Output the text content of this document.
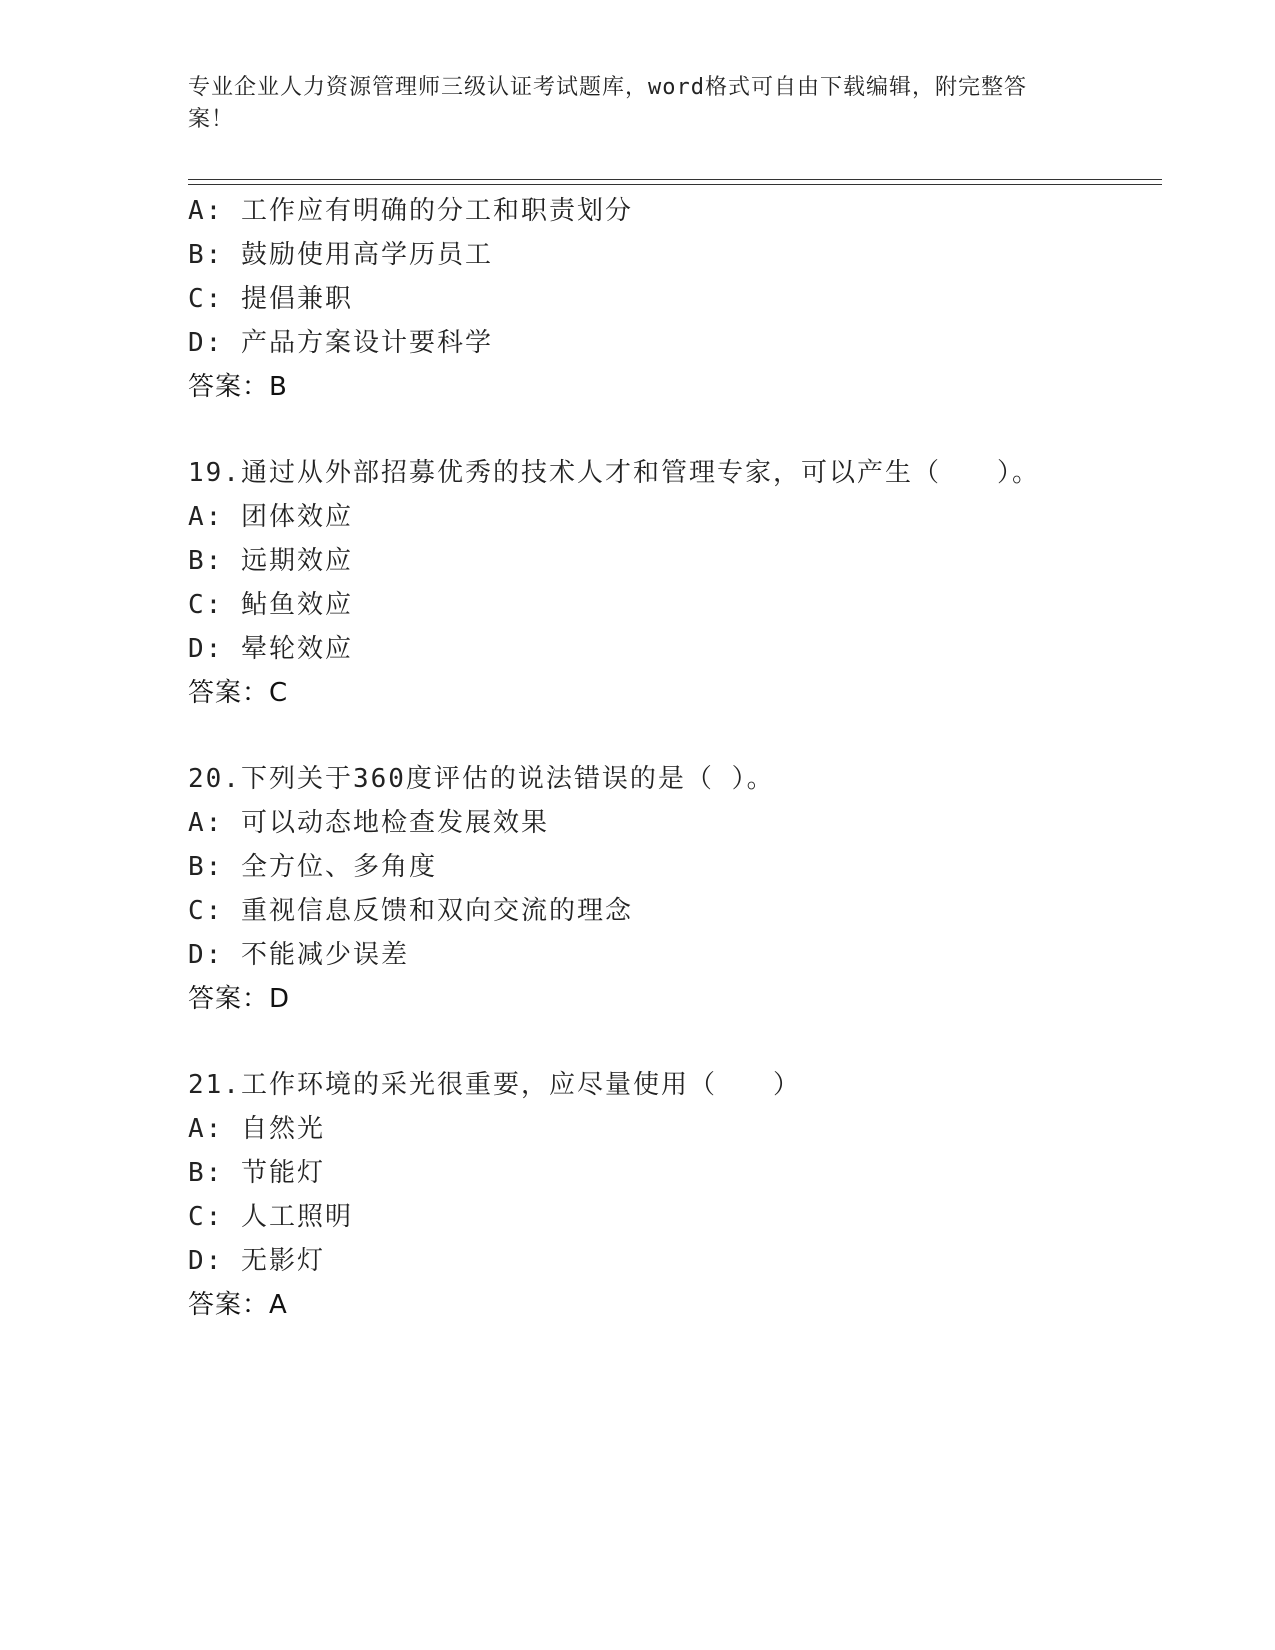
专业企业人力资源管理师三级认证考试题库，word格式可自由下载编辑，附完整答案！
A: 工作应有明确的分工和职责划分
B: 鼓励使用高学历员工
C: 提倡兼职
D: 产品方案设计要科学
答案：B
19.通过从外部招募优秀的技术人才和管理专家，可以产生（　　）。
A: 团体效应
B: 远期效应
C: 鲇鱼效应
D: 晕轮效应
答案：C
20.下列关于360度评估的说法错误的是（ ）。
A: 可以动态地检查发展效果
B: 全方位、多角度
C: 重视信息反馈和双向交流的理念
D: 不能减少误差
答案：D
21.工作环境的采光很重要，应尽量使用（　　）
A: 自然光
B: 节能灯
C: 人工照明
D: 无影灯
答案：A
